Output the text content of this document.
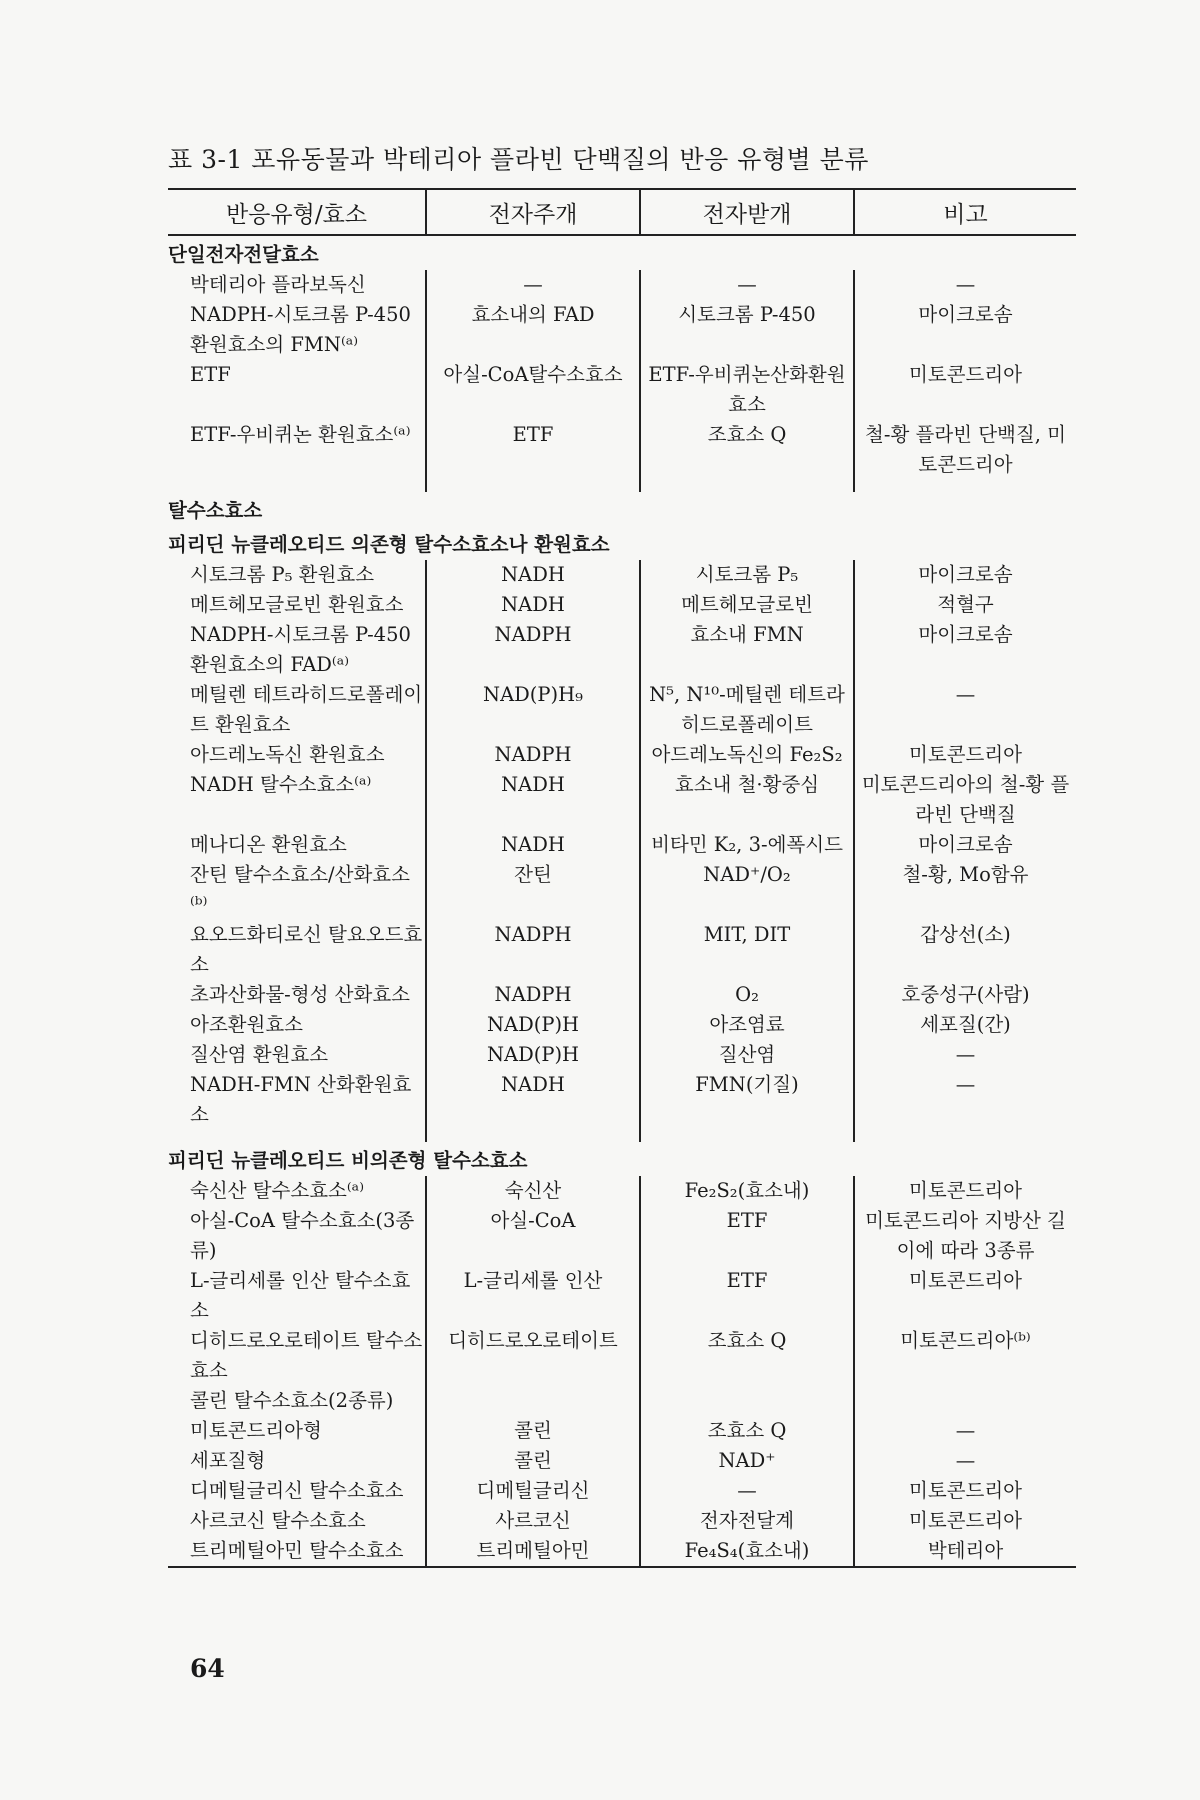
표 3-1 포유동물과 박테리아 플라빈 단백질의 반응 유형별 분류
반응유형/효소	전자주개	전자받개	비고
단일전자전달효소			
박테리아 플라보독신	—	—	—
NADPH-시토크롬 P-450 환원효소의 FMN⁽ᵃ⁾	효소내의 FAD	시토크롬 P-450	마이크로솜
ETF	아실-CoA탈수소효소	ETF-우비퀴논산화환원효소	미토콘드리아
ETF-우비퀴논 환원효소⁽ᵃ⁾	ETF	조효소 Q	철-황 플라빈 단백질, 미토콘드리아

탈수소효소			
피리딘 뉴클레오티드 의존형 탈수소효소나 환원효소			
시토크롬 P₅ 환원효소	NADH	시토크롬 P₅	마이크로솜
메트헤모글로빈 환원효소	NADH	메트헤모글로빈	적혈구
NADPH-시토크롬 P-450 환원효소의 FAD⁽ᵃ⁾	NADPH	효소내 FMN	마이크로솜
메틸렌 테트라히드로폴레이트 환원효소	NAD(P)H₉	N⁵, N¹⁰-메틸렌 테트라히드로폴레이트	—
아드레노독신 환원효소	NADPH	아드레노독신의 Fe₂S₂	미토콘드리아
NADH 탈수소효소⁽ᵃ⁾	NADH	효소내 철·황중심	미토콘드리아의 철-황 플라빈 단백질
메나디온 환원효소	NADH	비타민 K₂, 3-에폭시드	마이크로솜
잔틴 탈수소효소/산화효소⁽ᵇ⁾	잔틴	NAD⁺/O₂	철-황, Mo함유
요오드화티로신 탈요오드효소	NADPH	MIT, DIT	갑상선(소)
초과산화물-형성 산화효소	NADPH	O₂	호중성구(사람)
아조환원효소	NAD(P)H	아조염료	세포질(간)
질산염 환원효소	NAD(P)H	질산염	—
NADH-FMN 산화환원효소	NADH	FMN(기질)	—

피리딘 뉴클레오티드 비의존형 탈수소효소			
숙신산 탈수소효소⁽ᵃ⁾	숙신산	Fe₂S₂(효소내)	미토콘드리아
아실-CoA 탈수소효소(3종류)	아실-CoA	ETF	미토콘드리아 지방산 길이에 따라 3종류
L-글리세롤 인산 탈수소효소	L-글리세롤 인산	ETF	미토콘드리아
디히드로오로테이트 탈수소효소	디히드로오로테이트	조효소 Q	미토콘드리아⁽ᵇ⁾
콜린 탈수소효소(2종류)			
미토콘드리아형	콜린	조효소 Q	—
세포질형	콜린	NAD⁺	—
디메틸글리신 탈수소효소	디메틸글리신	—	미토콘드리아
사르코신 탈수소효소	사르코신	전자전달계	미토콘드리아
트리메틸아민 탈수소효소	트리메틸아민	Fe₄S₄(효소내)	박테리아
64
